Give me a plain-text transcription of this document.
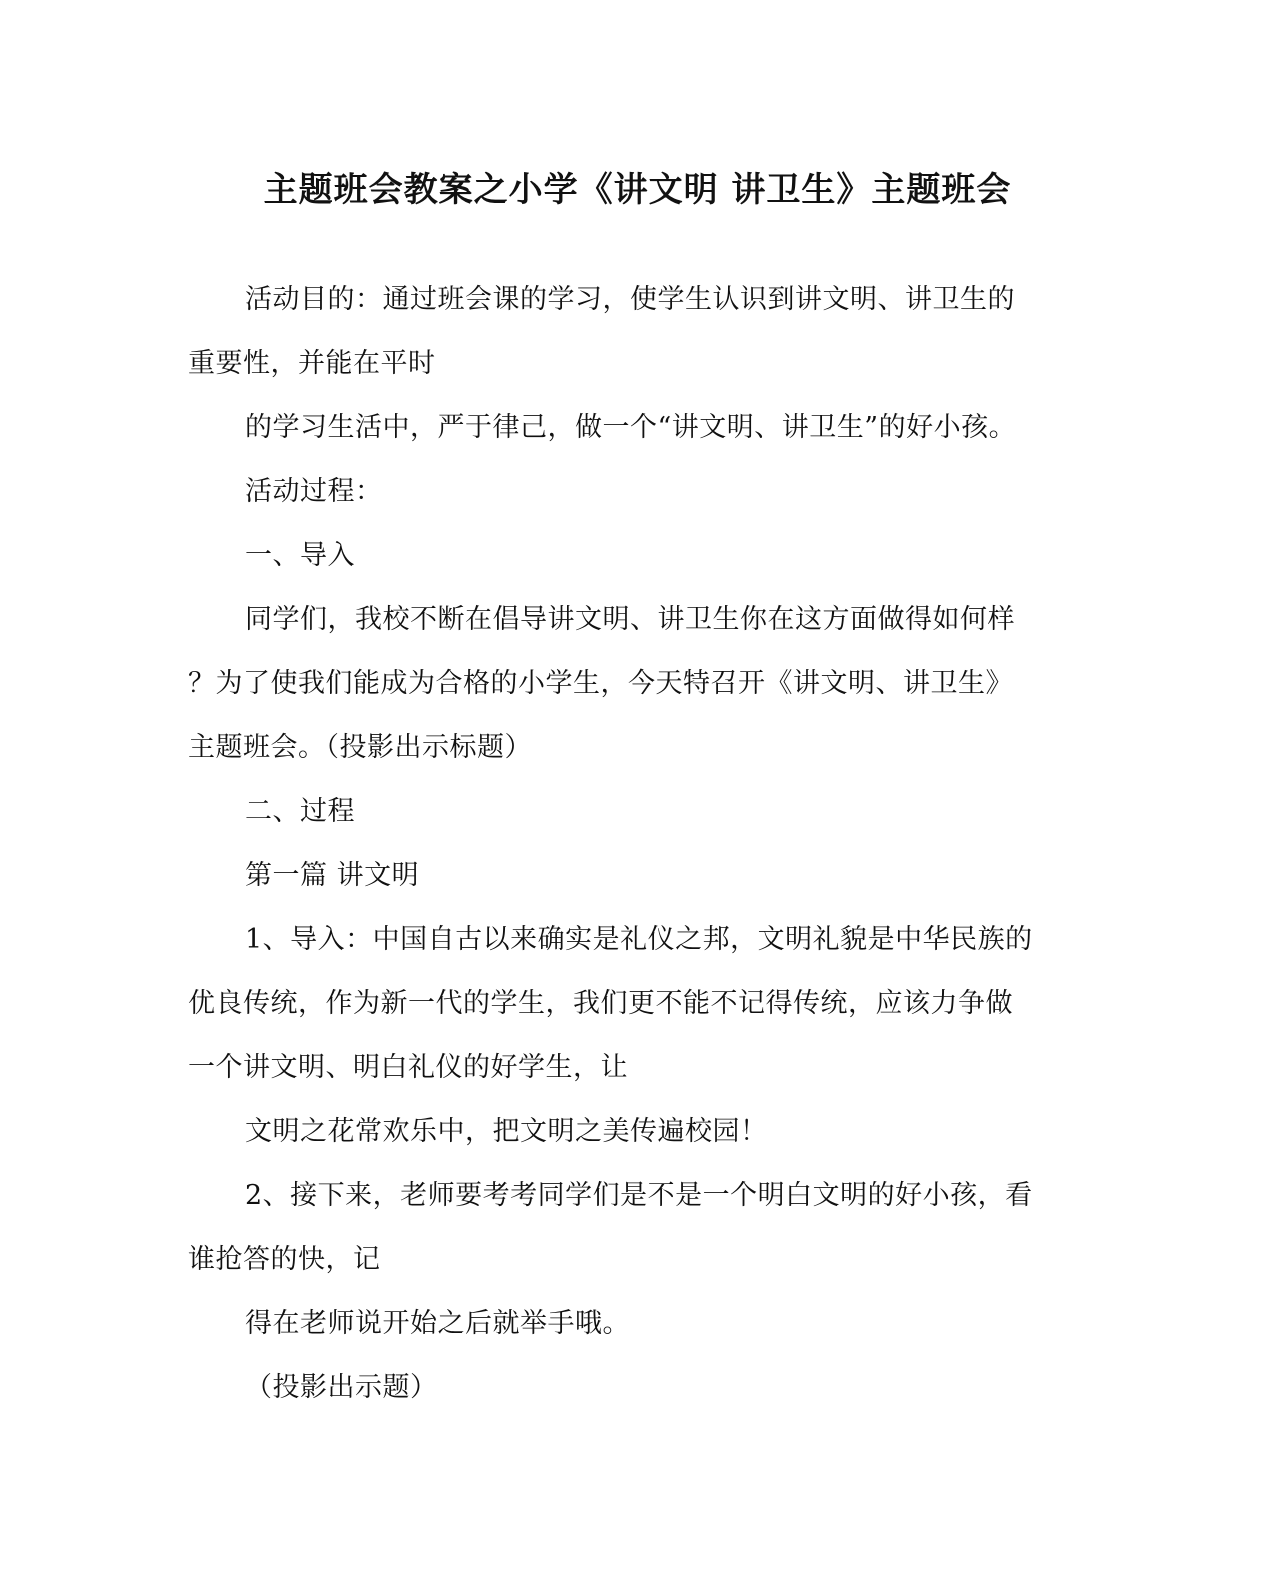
主题班会教案之小学《讲文明 讲卫生》主题班会
活动目的：通过班会课的学习，使学生认识到讲文明、讲卫生的
重要性，并能在平时
的学习生活中，严于律己，做一个“讲文明、讲卫生”的好小孩。
活动过程：
一、导入
同学们，我校不断在倡导讲文明、讲卫生你在这方面做得如何样
？为了使我们能成为合格的小学生，今天特召开《讲文明、讲卫生》
主题班会。（投影出示标题）
二、过程
第一篇 讲文明
1、导入：中国自古以来确实是礼仪之邦，文明礼貌是中华民族的
优良传统，作为新一代的学生，我们更不能不记得传统，应该力争做
一个讲文明、明白礼仪的好学生，让
文明之花常欢乐中，把文明之美传遍校园！
2、接下来，老师要考考同学们是不是一个明白文明的好小孩，看
谁抢答的快，记
得在老师说开始之后就举手哦。
（投影出示题）
